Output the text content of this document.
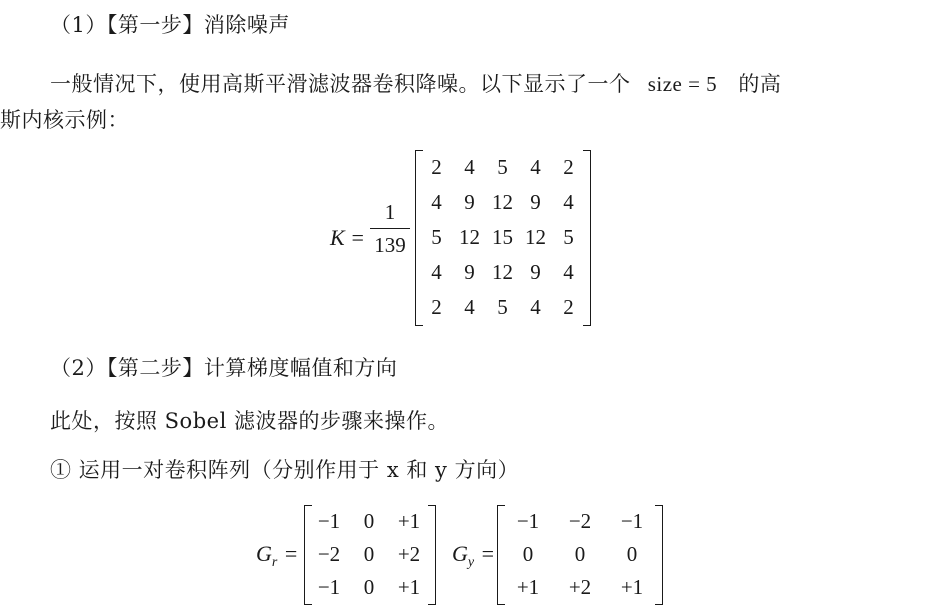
（1）【第一步】消除噪声
一般情况下，使用高斯平滑滤波器卷积降噪。以下显示了一个 size = 5 的高
斯内核示例：
K =
1
139
2	4	5	4	2
4	9 12 9	4
5 12 15 12 5
4	9 12 9	4
2	4	5	4	2
（2）【第二步】计算梯度幅值和方向
此处，按照 Sobel 滤波器的步骤来操作。
① 运用一对卷积阵列（分别作用于 x 和 y 方向）
$G_r$ =
−1	0	+1
−2	0	+2
−1	0	+1
$G_y$ =
−1	−2	−1
0	0	0
+1	+2	+1
